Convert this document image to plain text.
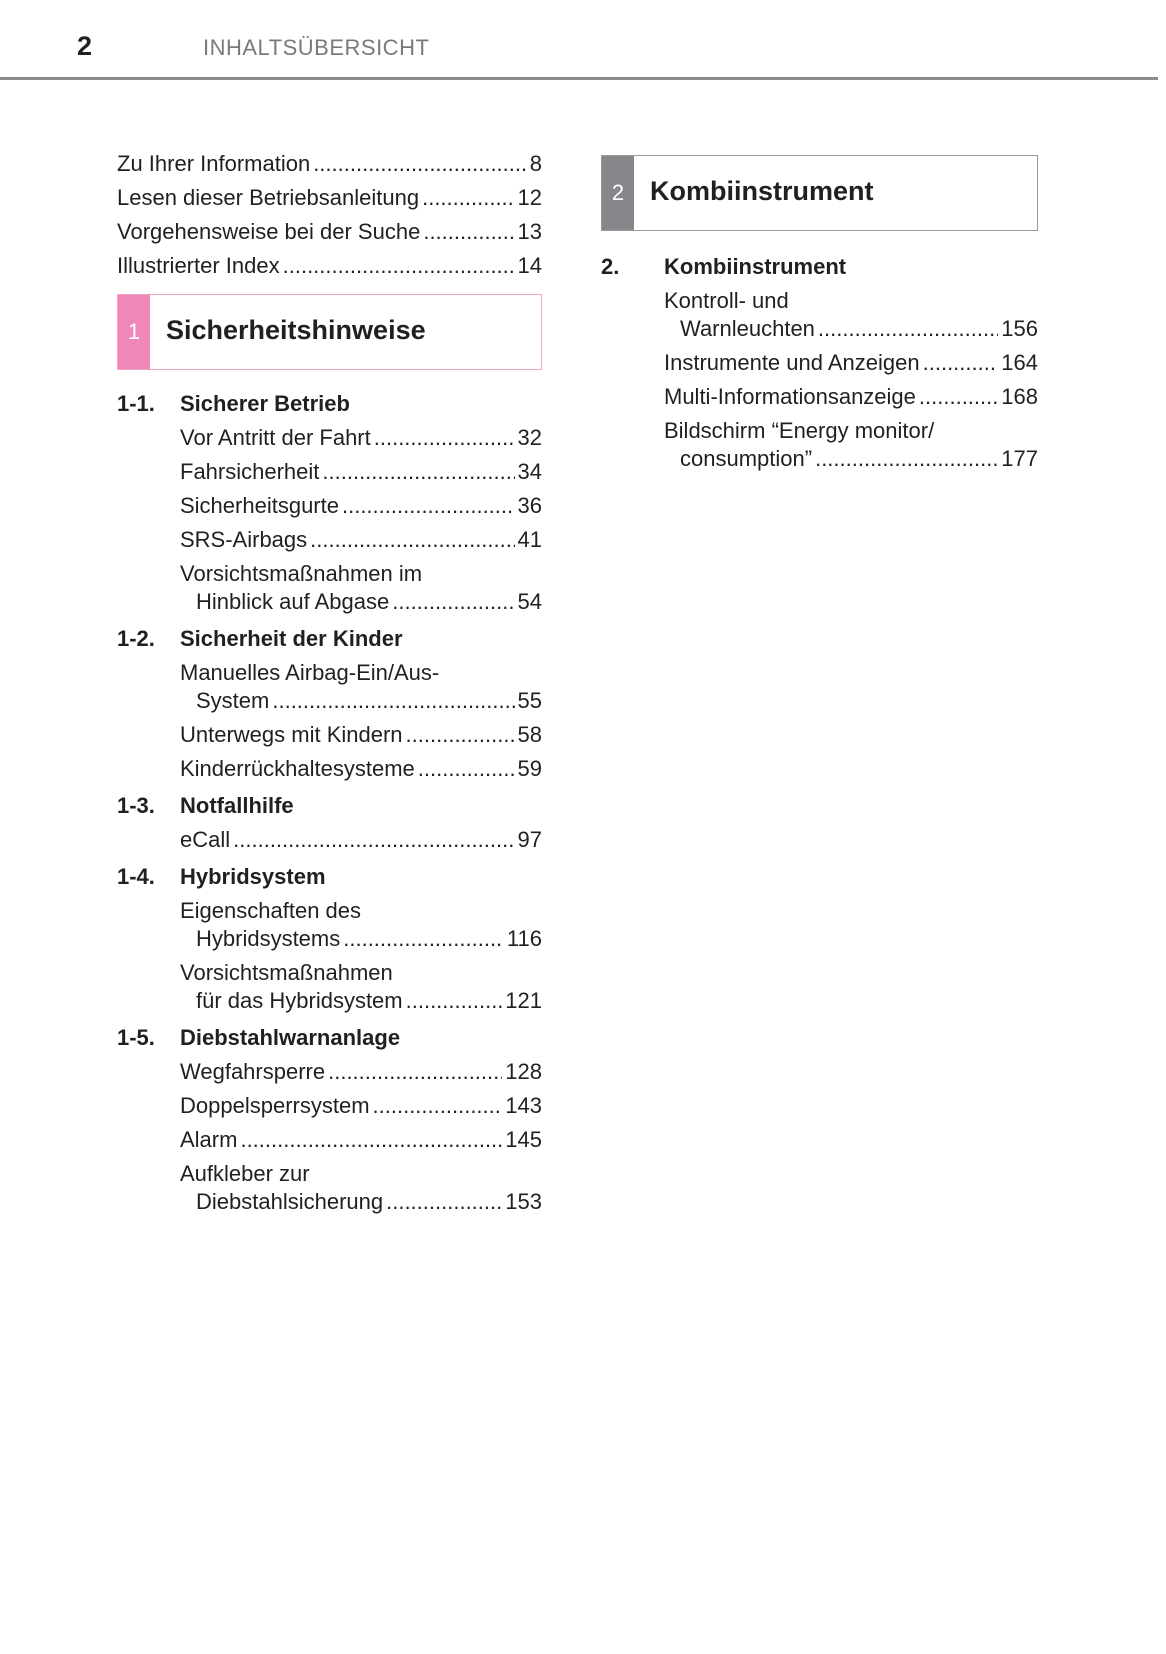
2	INHALTSÜBERSICHT
Zu Ihrer Information .....	8
Lesen dieser Betriebsanleitung .....	12
Vorgehensweise bei der Suche .....	13
Illustrierter Index .....	14
1 Sicherheitshinweise
1-1.	Sicherer Betrieb
Vor Antritt der Fahrt .....	32
Fahrsicherheit .....	34
Sicherheitsgurte .....	36
SRS-Airbags .....	41
Vorsichtsmaßnahmen im
Hinblick auf Abgase .....	54
1-2.	Sicherheit der Kinder
Manuelles Airbag-Ein/Aus-
System .....	55
Unterwegs mit Kindern .....	58
Kinderrückhaltesysteme .....	59
1-3.	Notfallhilfe
eCall .....	97
1-4.	Hybridsystem
Eigenschaften des
Hybridsystems .....	116
Vorsichtsmaßnahmen
für das Hybridsystem .....	121
1-5.	Diebstahlwarnanlage
Wegfahrsperre .....	128
Doppelsperrsystem .....	143
Alarm .....	145
Aufkleber zur
Diebstahlsicherung .....	153
2 Kombiinstrument
2.	Kombiinstrument
Kontroll- und
Warnleuchten .....	156
Instrumente und Anzeigen .....	164
Multi-Informationsanzeige .....	168
Bildschirm “Energy monitor/
consumption” .....	177
